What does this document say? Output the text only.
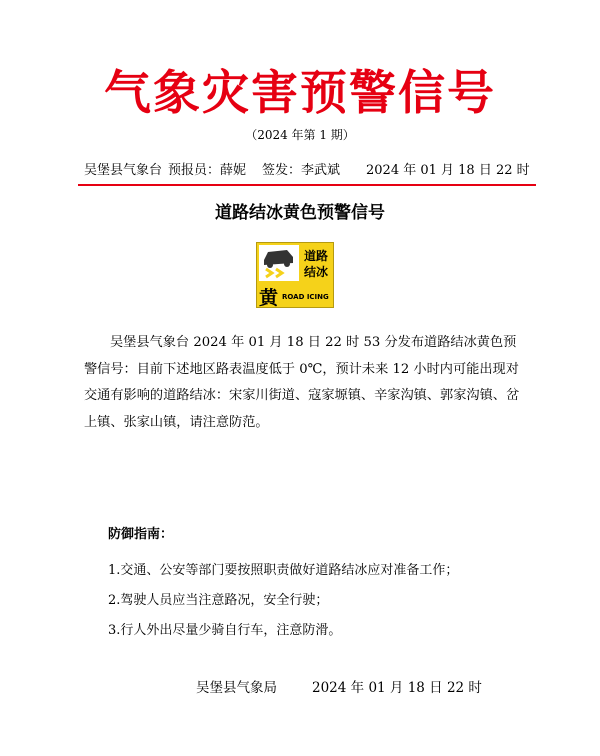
气象灾害预警信号
（2024 年第 1 期）
吴堡县气象台 预报员：薛妮 签发：李武斌 2024 年 01 月 18 日 22 时
道路结冰黄色预警信号
道路
结冰
黄 ROAD ICING

吴堡县气象台 2024 年 01 月 18 日 22 时 53 分发布道路结冰黄色预警信号：目前下述地区路表温度低于 0℃，预计未来 12 小时内可能出现对交通有影响的道路结冰：宋家川街道、寇家塬镇、辛家沟镇、郭家沟镇、岔上镇、张家山镇，请注意防范。

防御指南：
1.交通、公安等部门要按照职责做好道路结冰应对准备工作；
2.驾驶人员应当注意路况，安全行驶；
3.行人外出尽量少骑自行车，注意防滑。
吴堡县气象局	2024 年 01 月 18 日 22 时
